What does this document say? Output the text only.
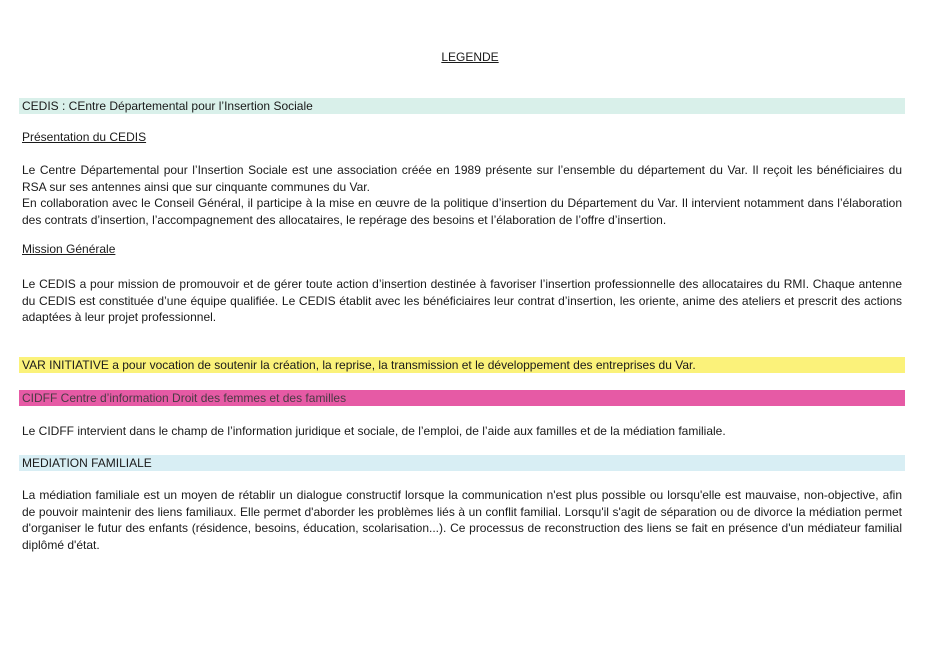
LEGENDE
CEDIS : CEntre Départemental pour l’Insertion Sociale
Présentation du CEDIS

Le Centre Départemental pour l’Insertion Sociale est une association créée en 1989 présente sur l’ensemble du département du Var. Il reçoit les bénéficiaires du RSA sur ses antennes ainsi que sur cinquante communes du Var.

En collaboration avec le Conseil Général, il participe à la mise en œuvre de la politique d’insertion du Département du Var. Il intervient notamment dans l’élaboration des contrats d’insertion, l’accompagnement des allocataires, le repérage des besoins et l’élaboration de l’offre d’insertion.

Mission Générale

Le CEDIS a pour mission de promouvoir et de gérer toute action d’insertion destinée à favoriser l’insertion professionnelle des allocataires du RMI. Chaque antenne du CEDIS est constituée d’une équipe qualifiée. Le CEDIS établit avec les bénéficiaires leur contrat d’insertion, les oriente, anime des ateliers et prescrit des actions adaptées à leur projet professionnel.

VAR INITIATIVE a pour vocation de soutenir la création, la reprise, la transmission et le développement des entreprises du Var.
CIDFF Centre d’information Droit des femmes et des familles

Le CIDFF intervient dans le champ de l’information juridique et sociale, de l’emploi, de l’aide aux familles et de la médiation familiale.

MEDIATION FAMILIALE

La médiation familiale est un moyen de rétablir un dialogue constructif lorsque la communication n'est plus possible ou lorsqu'elle est mauvaise, non-objective, afin de pouvoir maintenir des liens familiaux. Elle permet d'aborder les problèmes liés à un conflit familial. Lorsqu'il s'agit de séparation ou de divorce la médiation permet d'organiser le futur des enfants (résidence, besoins, éducation, scolarisation...). Ce processus de reconstruction des liens se fait en présence d'un médiateur familial diplômé d'état.
